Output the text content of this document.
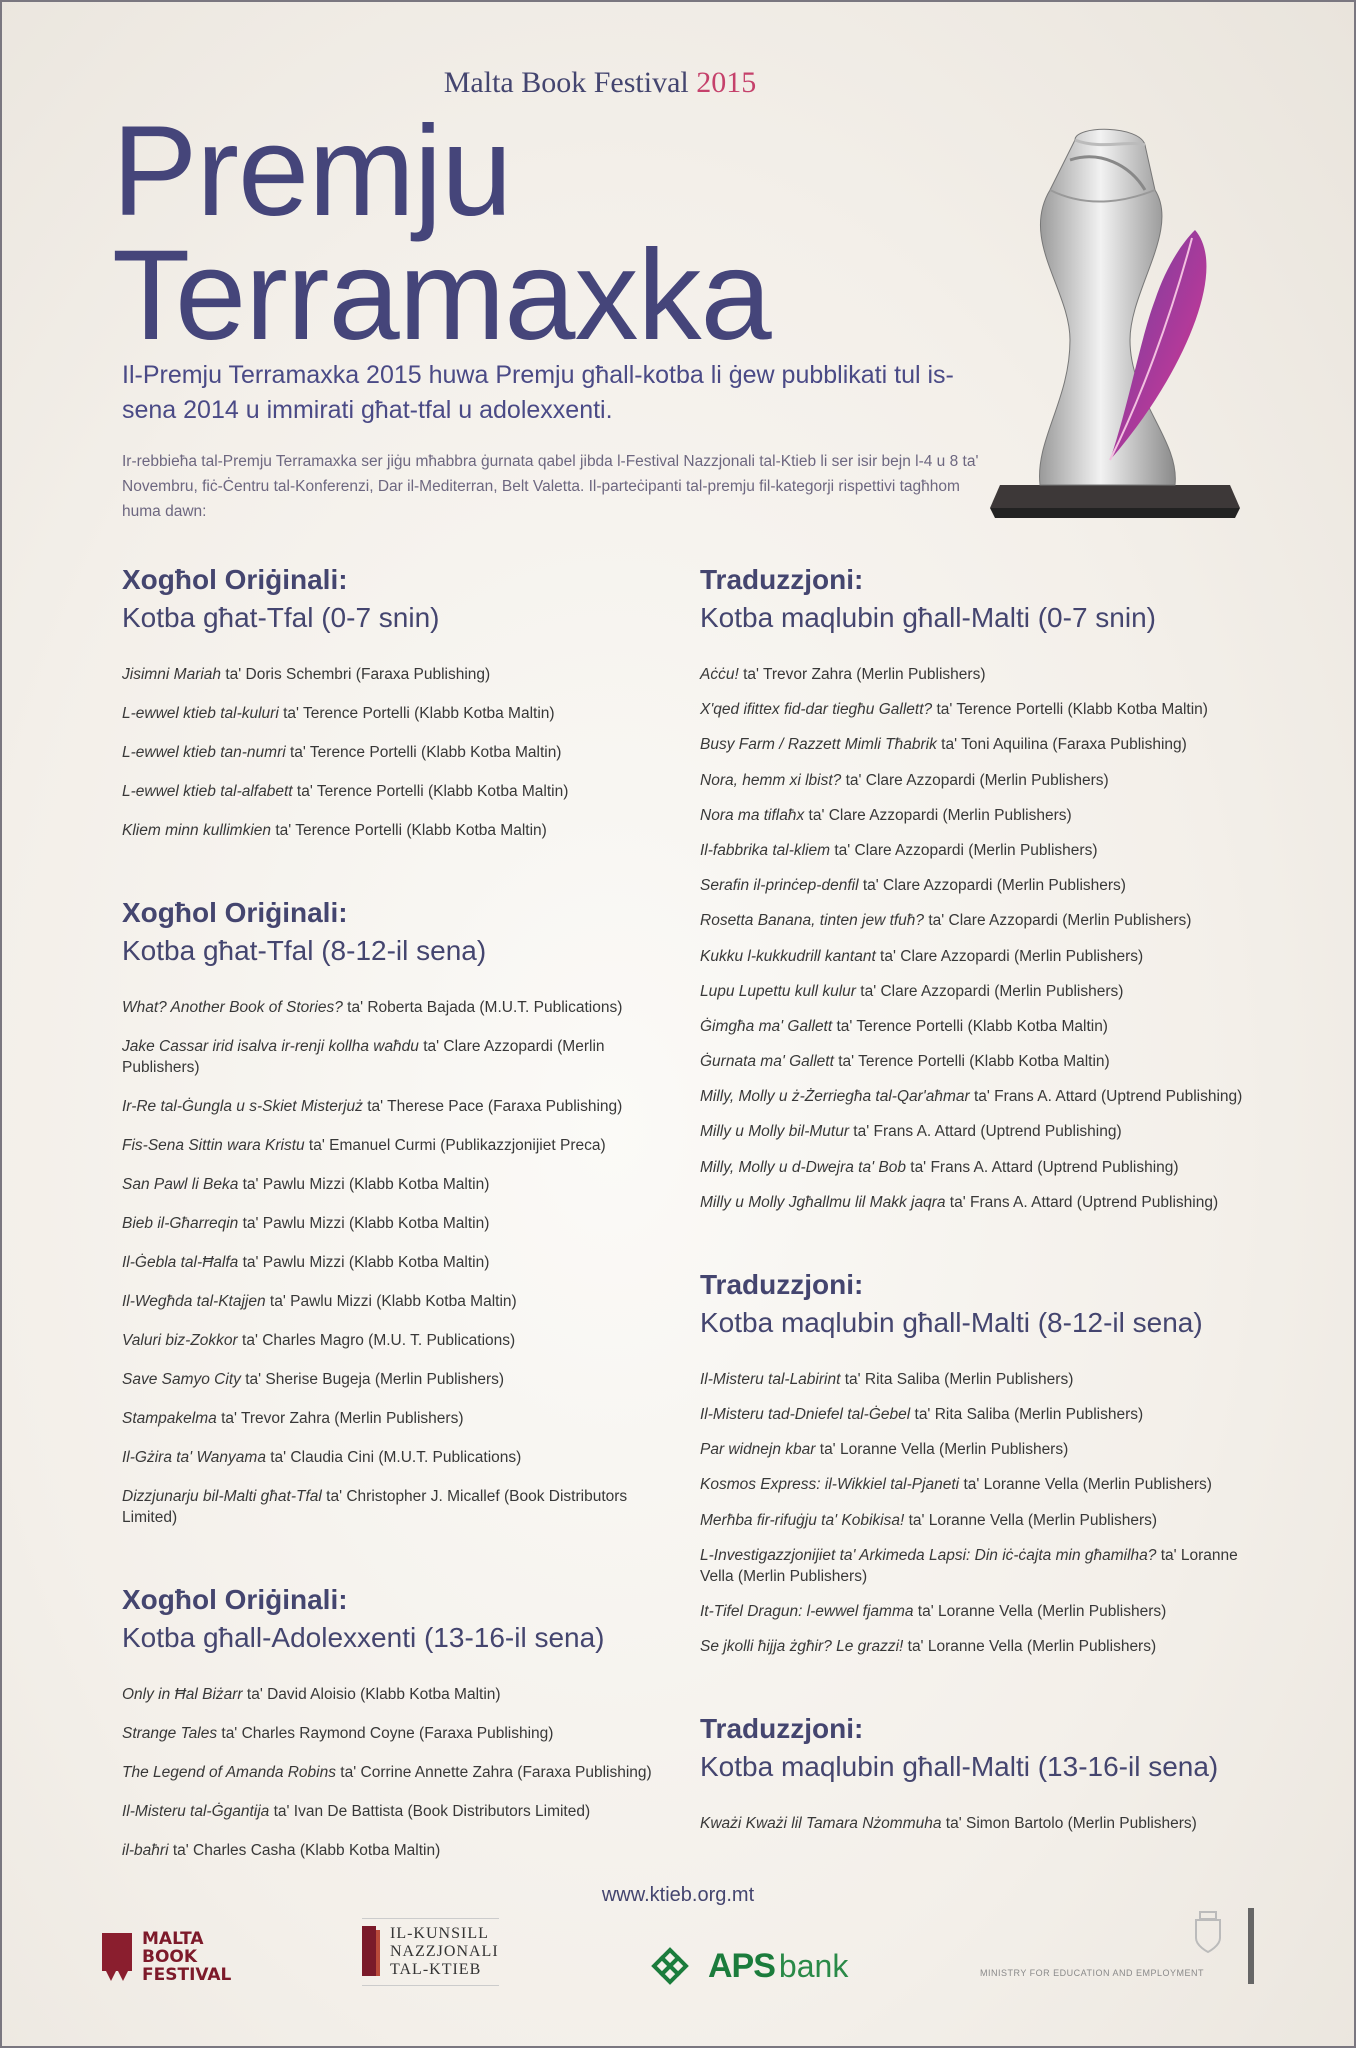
Malta Book Festival 2015
Premju
Terramaxka

Il-Premju Terramaxka 2015 huwa Premju għall-kotba li ġew pubblikati tul is-sena 2014 u immirati għat-tfal u adolexxenti.

Ir-rebbieħa tal-Premju Terramaxka ser jiġu mħabbra ġurnata qabel jibda l-Festival Nazzjonali tal-Ktieb li ser isir bejn l-4 u 8 ta' Novembru, fiċ-Ċentru tal-Konferenzi, Dar il-Mediterran, Belt Valetta. Il-parteċipanti tal-premju fil-kategorji rispettivi tagħhom huma dawn:

Xogħol Oriġinali:
Kotba għat-Tfal (0-7 snin)
Jisimni Mariah ta' Doris Schembri (Faraxa Publishing)
L-ewwel ktieb tal-kuluri ta' Terence Portelli (Klabb Kotba Maltin)
L-ewwel ktieb tan-numri ta' Terence Portelli (Klabb Kotba Maltin)
L-ewwel ktieb tal-alfabett ta' Terence Portelli (Klabb Kotba Maltin)
Kliem minn kullimkien ta' Terence Portelli (Klabb Kotba Maltin)
Xogħol Oriġinali:
Kotba għat-Tfal (8-12-il sena)
What? Another Book of Stories? ta' Roberta Bajada (M.U.T. Publications)
Jake Cassar irid isalva ir-renji kollha waħdu ta' Clare Azzopardi (Merlin Publishers)
Ir-Re tal-Ġungla u s-Skiet Misterjuż ta' Therese Pace (Faraxa Publishing)
Fis-Sena Sittin wara Kristu ta' Emanuel Curmi (Publikazzjonijiet Preca)
San Pawl li Beka ta' Pawlu Mizzi (Klabb Kotba Maltin)
Bieb il-Għarreqin ta' Pawlu Mizzi (Klabb Kotba Maltin)
Il-Ġebla tal-Ħalfa ta' Pawlu Mizzi (Klabb Kotba Maltin)
Il-Wegħda tal-Ktajjen ta' Pawlu Mizzi (Klabb Kotba Maltin)
Valuri biz-Zokkor ta' Charles Magro (M.U. T. Publications)
Save Samyo City ta' Sherise Bugeja (Merlin Publishers)
Stampakelma ta' Trevor Zahra (Merlin Publishers)
Il-Gżira ta' Wanyama ta' Claudia Cini (M.U.T. Publications)
Dizzjunarju bil-Malti għat-Tfal ta' Christopher J. Micallef (Book Distributors Limited)
Xogħol Oriġinali:
Kotba għall-Adolexxenti (13-16-il sena)
Only in Ħal Biżarr ta' David Aloisio (Klabb Kotba Maltin)
Strange Tales ta' Charles Raymond Coyne (Faraxa Publishing)
The Legend of Amanda Robins ta' Corrine Annette Zahra (Faraxa Publishing)
Il-Misteru tal-Ġgantija ta' Ivan De Battista (Book Distributors Limited)
il-baħri ta' Charles Casha (Klabb Kotba Maltin)
Traduzzjoni:
Kotba maqlubin għall-Malti (0-7 snin)
Aċċu! ta' Trevor Zahra (Merlin Publishers)
X'qed ifittex fid-dar tiegħu Gallett? ta' Terence Portelli (Klabb Kotba Maltin)
Busy Farm / Razzett Mimli Tħabrik ta' Toni Aquilina (Faraxa Publishing)
Nora, hemm xi lbist? ta' Clare Azzopardi (Merlin Publishers)
Nora ma tiflaħx ta' Clare Azzopardi (Merlin Publishers)
Il-fabbrika tal-kliem ta' Clare Azzopardi (Merlin Publishers)
Serafin il-prinċep-denfil ta' Clare Azzopardi (Merlin Publishers)
Rosetta Banana, tinten jew tfuħ? ta' Clare Azzopardi (Merlin Publishers)
Kukku l-kukkudrill kantant ta' Clare Azzopardi (Merlin Publishers)
Lupu Lupettu kull kulur ta' Clare Azzopardi (Merlin Publishers)
Ġimgħa ma' Gallett ta' Terence Portelli (Klabb Kotba Maltin)
Ġurnata ma' Gallett ta' Terence Portelli (Klabb Kotba Maltin)
Milly, Molly u ż-Żerriegħa tal-Qar'aħmar ta' Frans A. Attard (Uptrend Publishing)
Milly u Molly bil-Mutur ta' Frans A. Attard (Uptrend Publishing)
Milly, Molly u d-Dwejra ta' Bob ta' Frans A. Attard (Uptrend Publishing)
Milly u Molly Jgħallmu lil Makk jaqra ta' Frans A. Attard (Uptrend Publishing)
Traduzzjoni:
Kotba maqlubin għall-Malti (8-12-il sena)
Il-Misteru tal-Labirint ta' Rita Saliba (Merlin Publishers)
Il-Misteru tad-Dniefel tal-Ġebel ta' Rita Saliba (Merlin Publishers)
Par widnejn kbar ta' Loranne Vella (Merlin Publishers)
Kosmos Express: il-Wikkiel tal-Pjaneti ta' Loranne Vella (Merlin Publishers)
Merħba fir-rifuġju ta' Kobikisa! ta' Loranne Vella (Merlin Publishers)
L-Investigazzjonijiet ta' Arkimeda Lapsi: Din iċ-ċajta min għamilha? ta' Loranne Vella (Merlin Publishers)
It-Tifel Dragun: l-ewwel fjamma ta' Loranne Vella (Merlin Publishers)
Se jkolli ħijja żgħir? Le grazzi! ta' Loranne Vella (Merlin Publishers)
Traduzzjoni:
Kotba maqlubin għall-Malti (13-16-il sena)
Kważi Kważi lil Tamara Nżommuha ta' Simon Bartolo (Merlin Publishers)
www.ktieb.org.mt
MALTA
BOOK
FESTIVAL
IL-KUNSILL
NAZZJONALI
TAL-KTIEB	APS bank	MINISTRY FOR EDUCATION AND EMPLOYMENT
